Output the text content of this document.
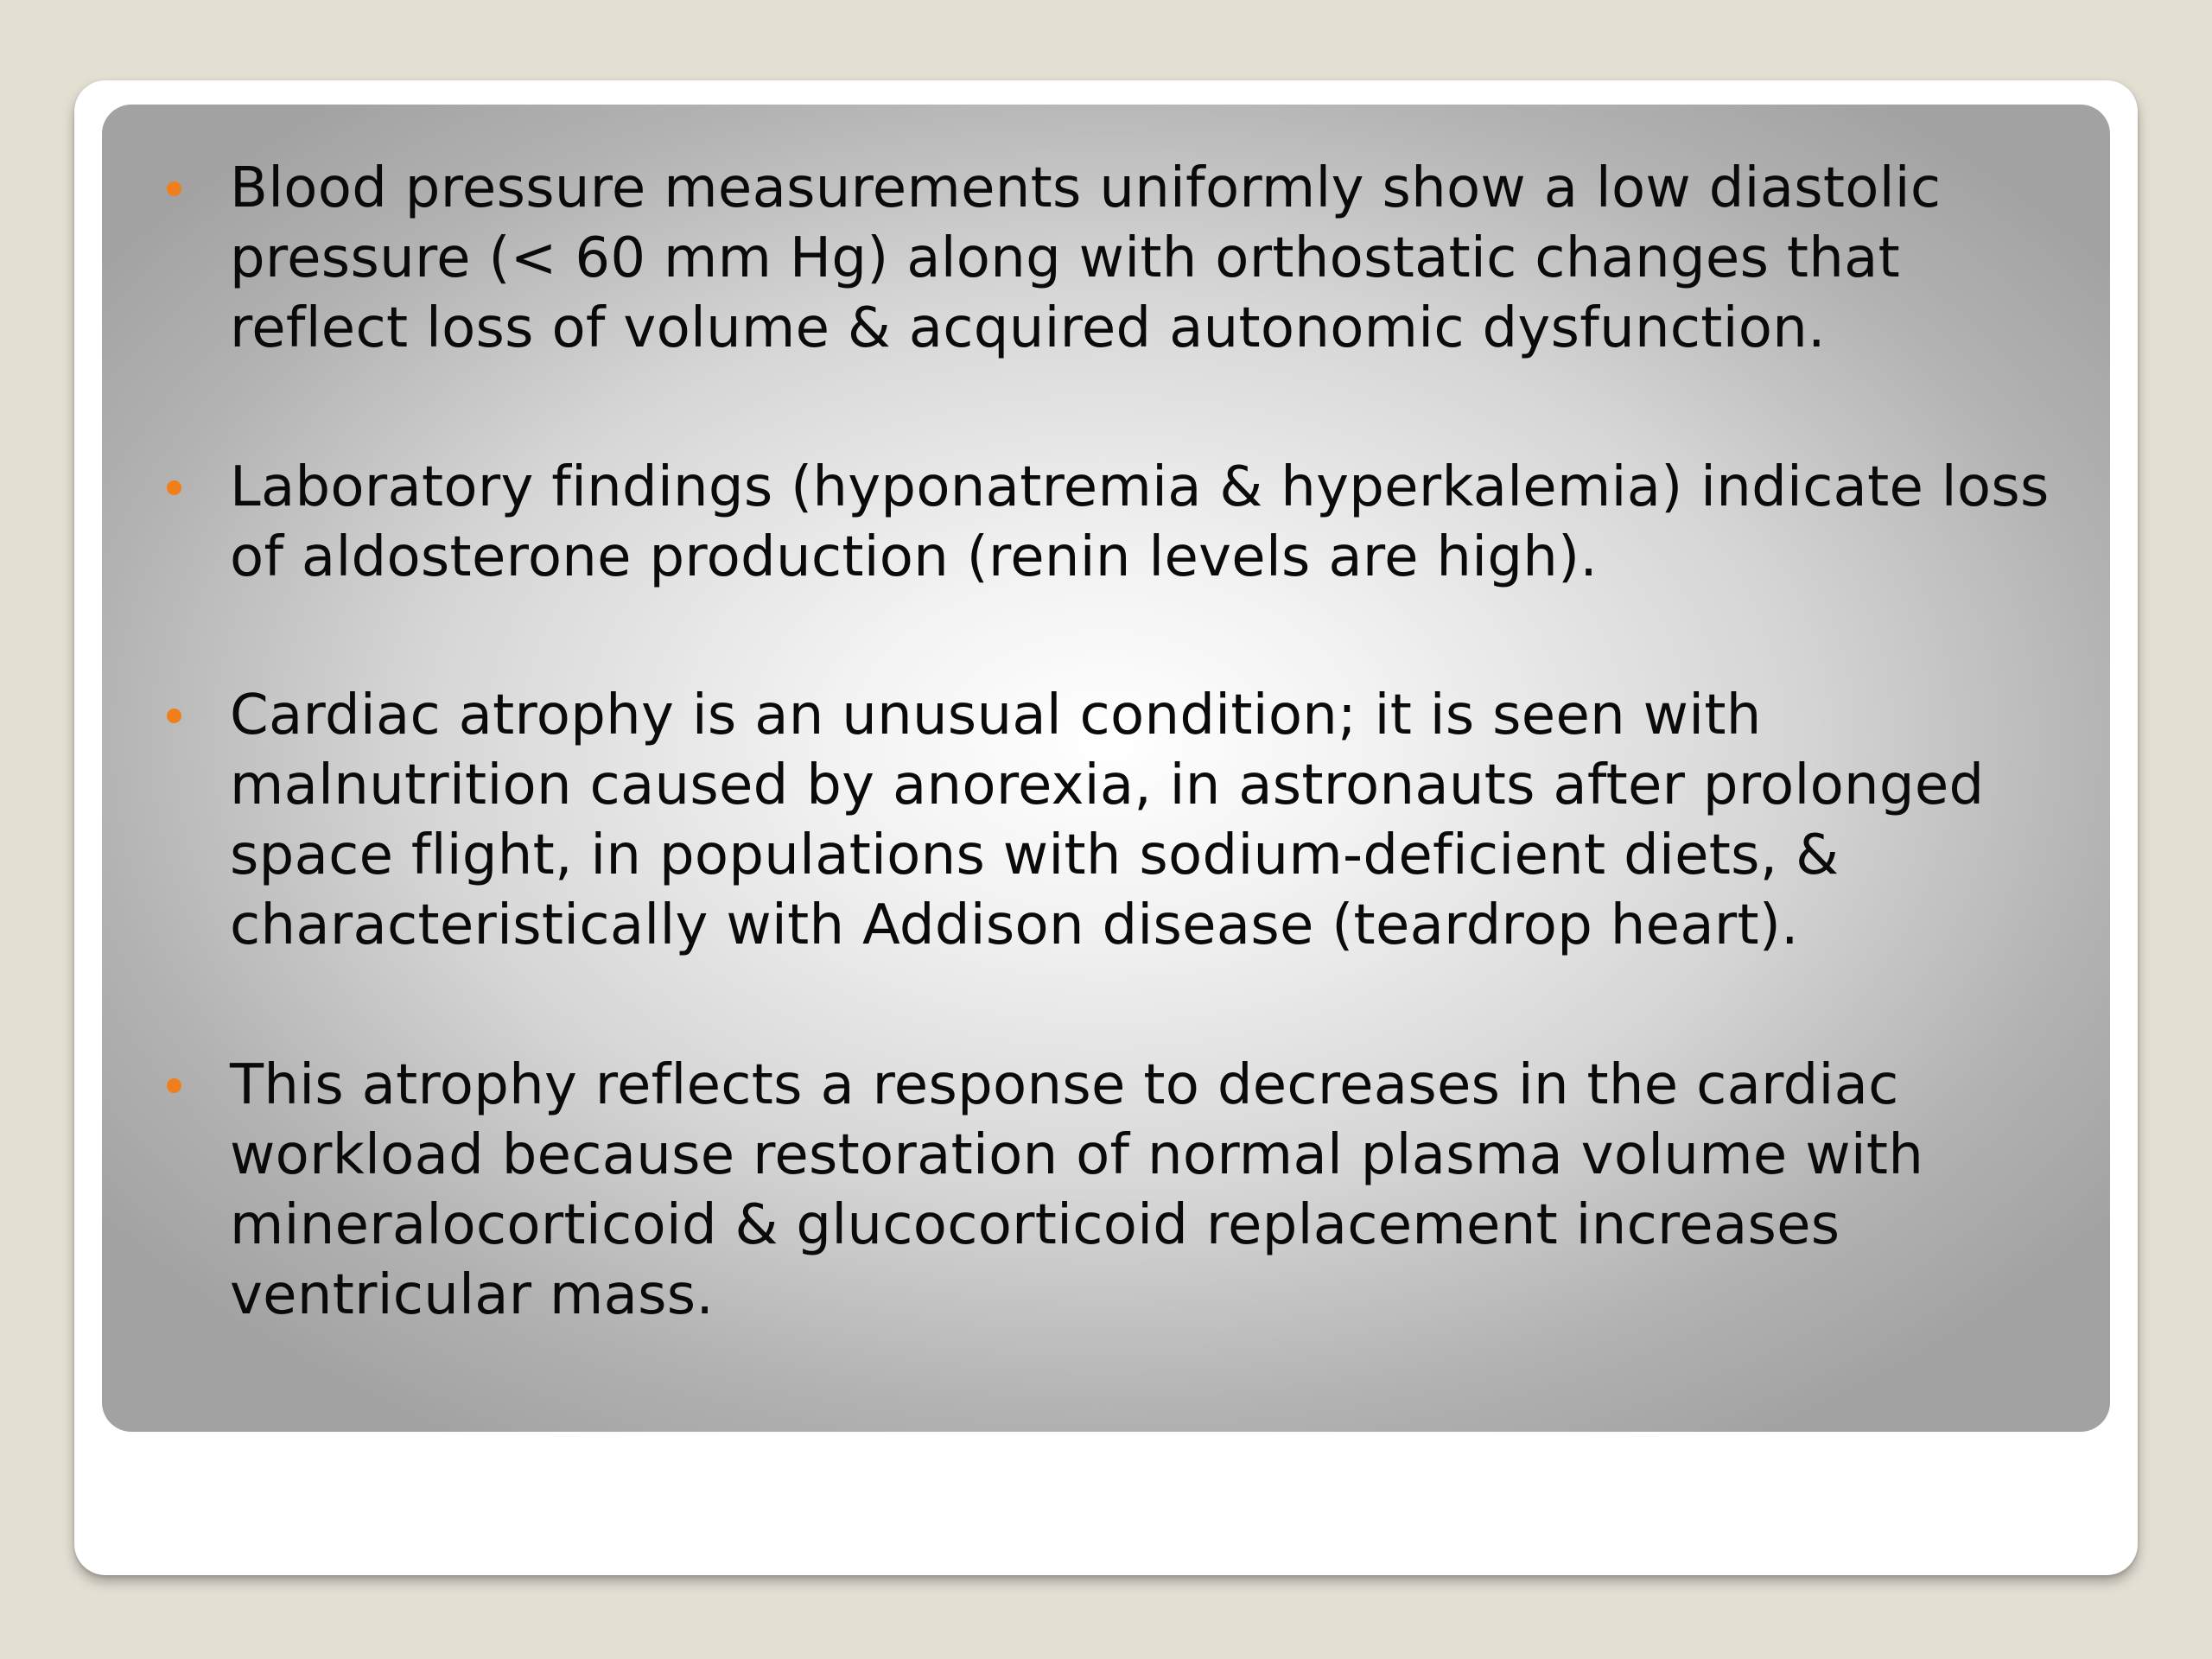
Blood pressure measurements uniformly show a low diastolic pressure (< 60 mm Hg) along with orthostatic changes that reflect loss of volume & acquired autonomic dysfunction.
Laboratory findings (hyponatremia & hyperkalemia) indicate loss of aldosterone production (renin levels are high).
Cardiac atrophy is an unusual condition; it is seen with malnutrition caused by anorexia, in astronauts after prolonged space flight, in populations with sodium-deficient diets, & characteristically with Addison disease (teardrop heart).
This atrophy reflects a response to decreases in the cardiac workload because restoration of normal plasma volume with mineralocorticoid & glucocorticoid replacement increases ventricular mass.
